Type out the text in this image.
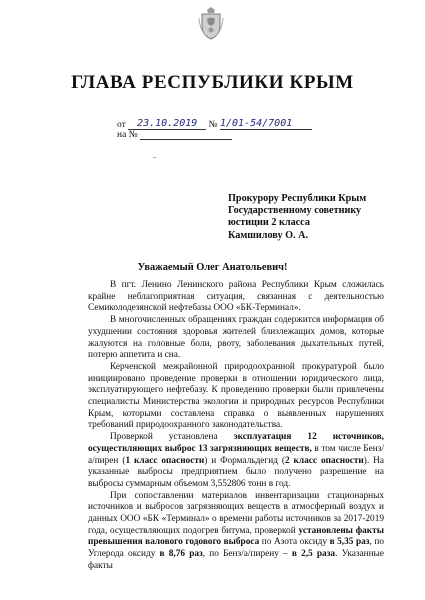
ГЛАВА РЕСПУБЛИКИ КРЫМ
от 23.10.2019 № 1/01-54/7001
на №
Прокурору Республики Крым
Государственному советнику
юстиции 2 класса
Камшилову О. А.
Уважаемый Олег Анатольевич!

В пгт. Ленино Ленинского района Республики Крым сложилась крайне неблагоприятная ситуация, связанная с деятельностью Семиколодезянской нефтебазы ООО «БК-Терминал».

В многочисленных обращениях граждан содержится информация об ухудшении состояния здоровья жителей близлежащих домов, которые жалуются на головные боли, рвоту, заболевания дыхательных путей, потерю аппетита и сна.

Керченской межрайонной природоохранной прокуратурой было инициировано проведение проверки в отношении юридического лица, эксплуатирующего нефтебазу. К проведению проверки были привлечены специалисты Министерства экологии и природных ресурсов Республики Крым, которыми составлена справка о выявленных нарушениях требований природоохранного законодательства.

Проверкой установлена эксплуатация 12 источников, осуществляющих выброс 13 загрязняющих веществ, в том числе Бенз/а/пирен (1 класс опасности) и Формальдегид (2 класс опасности). На указанные выбросы предприятием было получено разрешение на выбросы суммарным объемом 3,552806 тонн в год.

При сопоставлении материалов инвентаризации стационарных источников и выбросов загрязняющих веществ в атмосферный воздух и данных ООО «БК «Терминал» о времени работы источников за 2017-2019 года, осуществляющих подогрев битума, проверкой установлены факты превышения валового годового выброса по Азота оксиду в 5,35 раз, по Углерода оксиду в 8,76 раз, по Бенз/а/пирену – в 2,5 раза. Указанные факты
